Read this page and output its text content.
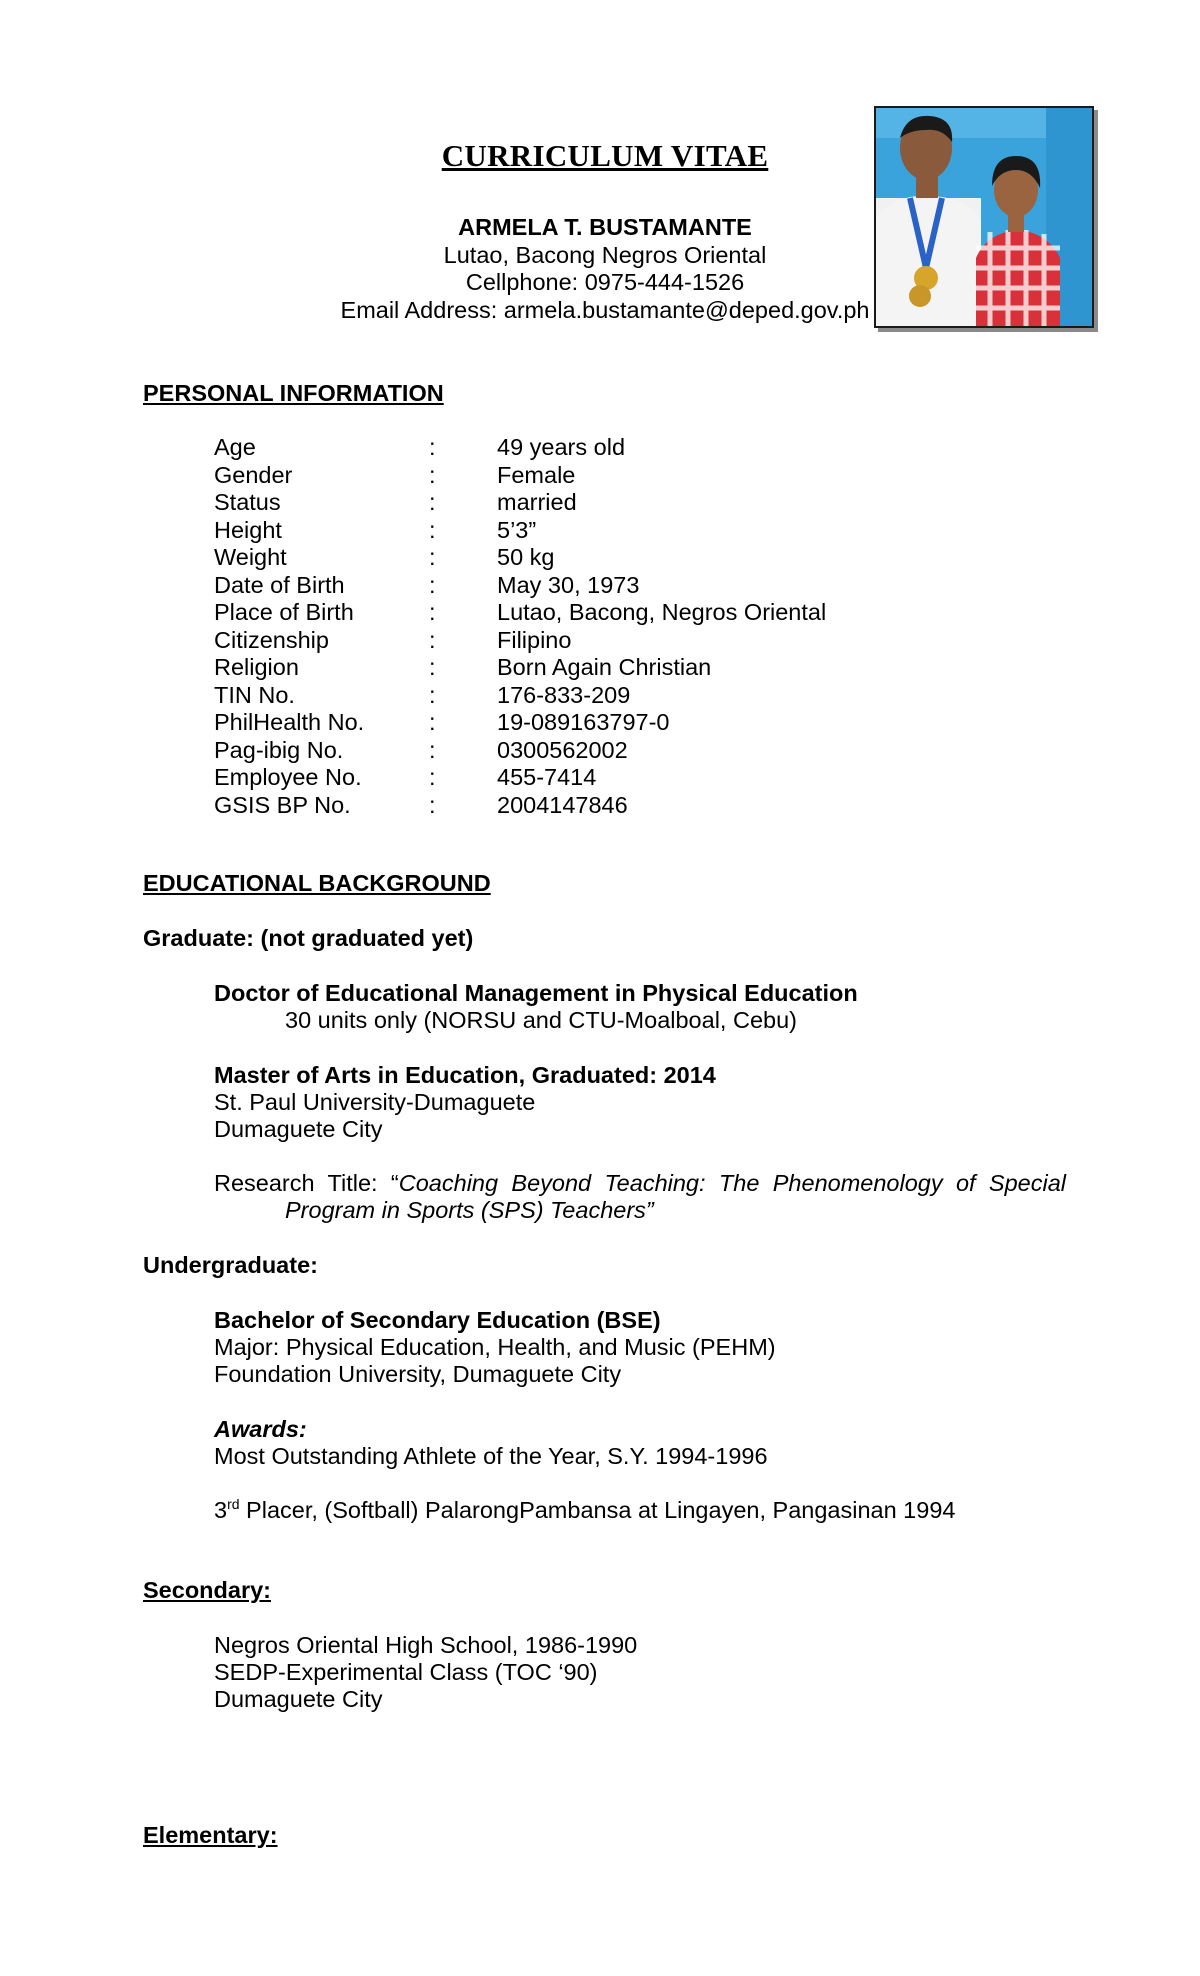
CURRICULUM VITAE
ARMELA T. BUSTAMANTE
Lutao, Bacong Negros Oriental
Cellphone: 0975-444-1526
Email Address: armela.bustamante@deped.gov.ph
PERSONAL INFORMATION
Age	:	49 years old
Gender	:	Female
Status	:	married
Height	:	5’3”
Weight	:	50 kg
Date of Birth	:	May 30, 1973
Place of Birth	:	Lutao, Bacong, Negros Oriental
Citizenship	:	Filipino
Religion	:	Born Again Christian
TIN No.	:	176-833-209
PhilHealth No.	:	19-089163797-0
Pag-ibig No.	:	0300562002
Employee No.	:	455-7414
GSIS BP No.	:	2004147846
EDUCATIONAL BACKGROUND
Graduate: (not graduated yet)
Doctor of Educational Management in Physical Education
30 units only (NORSU and CTU-Moalboal, Cebu)
Master of Arts in Education, Graduated: 2014
St. Paul University-Dumaguete
Dumaguete City
Research Title: “Coaching Beyond Teaching: The Phenomenology of Special
Program in Sports (SPS) Teachers”
Undergraduate:
Bachelor of Secondary Education (BSE)
Major: Physical Education, Health, and Music (PEHM)
Foundation University, Dumaguete City
Awards:
Most Outstanding Athlete of the Year, S.Y. 1994-1996
3rd Placer, (Softball) PalarongPambansa at Lingayen, Pangasinan 1994
Secondary:
Negros Oriental High School, 1986-1990
SEDP-Experimental Class (TOC ‘90)
Dumaguete City
Elementary:
